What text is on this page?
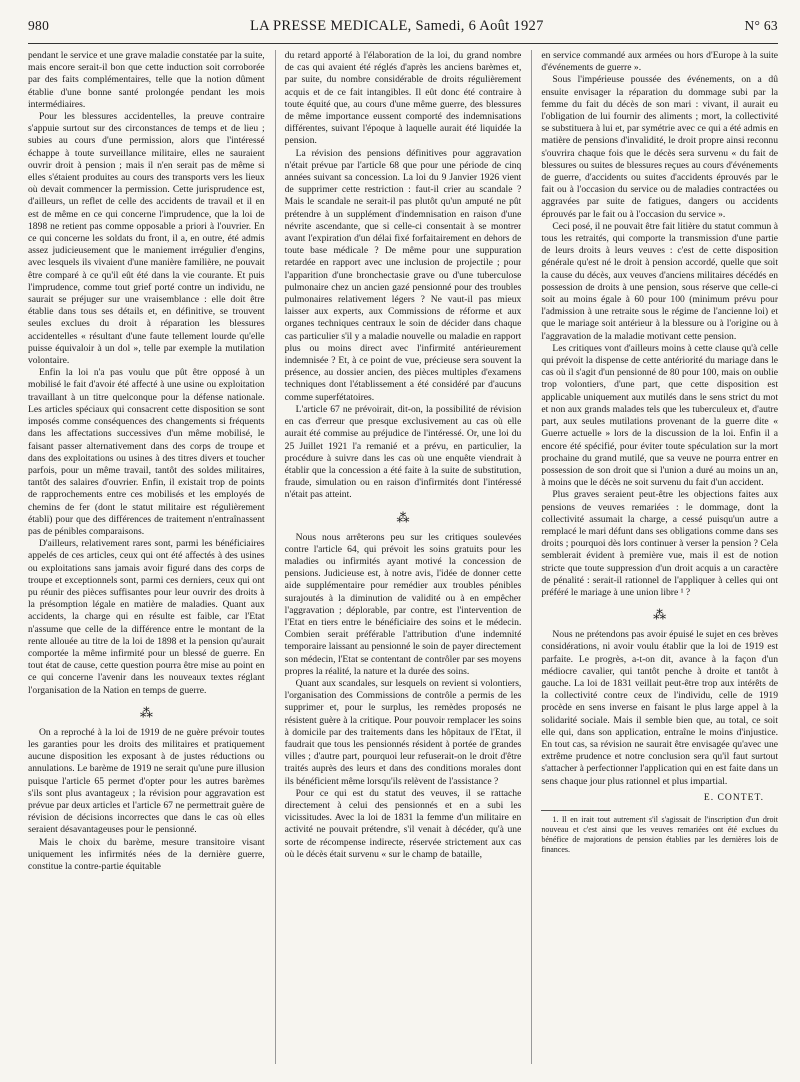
980	LA PRESSE MEDICALE, Samedi, 6 Août 1927	N° 63

pendant le service et une grave maladie constatée par la suite, mais encore serait-il bon que cette induction soit corroborée par des faits complémentaires, telle que la notion dûment établie d'une bonne santé prolongée pendant les mois intermédiaires.

Pour les blessures accidentelles, la preuve contraire s'appuie surtout sur des circonstances de temps et de lieu ; subies au cours d'une permission, alors que l'intéressé échappe à toute surveillance militaire, elles ne sauraient ouvrir droit à pension ; mais il n'en serait pas de même si elles s'étaient produites au cours des transports vers les lieux où devait commencer la permission. Cette jurisprudence est, d'ailleurs, un reflet de celle des accidents de travail et il en est de même en ce qui concerne l'imprudence, que la loi de 1898 ne retient pas comme opposable a priori à l'ouvrier. En ce qui concerne les soldats du front, il a, en outre, été admis assez judicieusement que le maniement irrégulier d'engins, avec lesquels ils vivaient d'une manière familière, ne pouvait être comparé à ce qu'il eût été dans la vie courante. Et puis l'imprudence, comme tout grief porté contre un individu, ne saurait se préjuger sur une vraisemblance : elle doit être établie dans tous ses détails et, en définitive, se trouvent seules exclues du droit à réparation les blessures accidentelles « résultant d'une faute tellement lourde qu'elle puisse équivaloir à un dol », telle par exemple la mutilation volontaire.

Enfin la loi n'a pas voulu que pût être opposé à un mobilisé le fait d'avoir été affecté à une usine ou exploitation travaillant à un titre quelconque pour la défense nationale. Les articles spéciaux qui consacrent cette disposition se sont imposés comme conséquences des changements si fréquents dans les affectations successives d'un même mobilisé, le faisant passer alternativement dans des corps de troupe et dans des exploitations ou usines à des titres divers et toucher parfois, pour un même travail, tantôt des soldes militaires, tantôt des salaires d'ouvrier. Enfin, il existait trop de points de rapprochements entre ces mobilisés et les employés de chemins de fer (dont le statut militaire est régulièrement établi) pour que des différences de traitement n'entraînassent pas de pénibles comparaisons.

D'ailleurs, relativement rares sont, parmi les bénéficiaires appelés de ces articles, ceux qui ont été affectés à des usines ou exploitations sans jamais avoir figuré dans des corps de troupe et exceptionnels sont, parmi ces derniers, ceux qui ont pu réunir des pièces suffisantes pour leur ouvrir des droits à la présomption légale en matière de maladies. Quant aux accidents, la charge qui en résulte est faible, car l'Etat n'assume que celle de la différence entre le montant de la rente allouée au titre de la loi de 1898 et la pension qu'aurait comportée la même infirmité pour un blessé de guerre. En tout état de cause, cette question pourra être mise au point en ce qui concerne l'avenir dans les nouveaux textes réglant l'organisation de la Nation en temps de guerre.

⁂

On a reproché à la loi de 1919 de ne guère prévoir toutes les garanties pour les droits des militaires et pratiquement aucune disposition les exposant à de justes réductions ou annulations. Le barème de 1919 ne serait qu'une pure illusion puisque l'article 65 permet d'opter pour les autres barèmes s'ils sont plus avantageux ; la révision pour aggravation est prévue par deux articles et l'article 67 ne permettrait guère de révision de décisions incorrectes que dans le cas où elles seraient désavantageuses pour le pensionné.

Mais le choix du barème, mesure transitoire visant uniquement les infirmités nées de la dernière guerre, constitue la contre-partie équitable

du retard apporté à l'élaboration de la loi, du grand nombre de cas qui avaient été réglés d'après les anciens barèmes et, par suite, du nombre considérable de droits régulièrement acquis et de ce fait intangibles. Il eût donc été contraire à toute équité que, au cours d'une même guerre, des blessures de même importance eussent comporté des indemnisations différentes, suivant l'époque à laquelle aurait été liquidée la pension.

La révision des pensions définitives pour aggravation n'était prévue par l'article 68 que pour une période de cinq années suivant sa concession. La loi du 9 Janvier 1926 vient de supprimer cette restriction : faut-il crier au scandale ? Mais le scandale ne serait-il pas plutôt qu'un amputé ne pût prétendre à un supplément d'indemnisation en raison d'une névrite ascendante, que si celle-ci consentait à se montrer avant l'expiration d'un délai fixé forfaitairement en dehors de toute base médicale ? De même pour une suppuration retardée en rapport avec une inclusion de projectile ; pour l'apparition d'une bronchectasie grave ou d'une tuberculose pulmonaire chez un ancien gazé pensionné pour des troubles pulmonaires relativement légers ? Ne vaut-il pas mieux laisser aux experts, aux Commissions de réforme et aux organes techniques centraux le soin de décider dans chaque cas particulier s'il y a maladie nouvelle ou maladie en rapport plus ou moins direct avec l'infirmité antérieurement indemnisée ? Et, à ce point de vue, précieuse sera souvent la présence, au dossier ancien, des pièces multiples d'examens techniques dont l'établissement a été considéré par d'aucuns comme superfétatoires.

L'article 67 ne prévoirait, dit-on, la possibilité de révision en cas d'erreur que presque exclusivement au cas où elle aurait été commise au préjudice de l'intéressé. Or, une loi du 25 Juillet 1921 l'a remanié et a prévu, en particulier, la procédure à suivre dans les cas où une enquête viendrait à établir que la concession a été faite à la suite de substitution, fraude, simulation ou en raison d'infirmités dont l'intéressé n'était pas atteint.

⁂

Nous nous arrêterons peu sur les critiques soulevées contre l'article 64, qui prévoit les soins gratuits pour les maladies ou infirmités ayant motivé la concession de pensions. Judicieuse est, à notre avis, l'idée de donner cette aide supplémentaire pour remédier aux troubles pénibles surajoutés à la diminution de validité ou à en empêcher l'aggravation ; déplorable, par contre, est l'intervention de l'Etat en tiers entre le bénéficiaire des soins et le médecin. Combien serait préférable l'attribution d'une indemnité temporaire laissant au pensionné le soin de payer directement son médecin, l'Etat se contentant de contrôler par ses moyens propres la réalité, la nature et la durée des soins.

Quant aux scandales, sur lesquels on revient si volontiers, l'organisation des Commissions de contrôle a permis de les supprimer et, pour le surplus, les remèdes proposés ne résistent guère à la critique. Pour pouvoir remplacer les soins à domicile par des traitements dans les hôpitaux de l'Etat, il faudrait que tous les pensionnés résident à portée de grandes villes ; d'autre part, pourquoi leur refuserait-on le droit d'être traités auprès des leurs et dans des conditions morales dont ils bénéficient même lorsqu'ils relèvent de l'assistance ?

Pour ce qui est du statut des veuves, il se rattache directement à celui des pensionnés et en a subi les vicissitudes. Avec la loi de 1831 la femme d'un militaire en activité ne pouvait prétendre, s'il venait à décéder, qu'à une sorte de récompense indirecte, réservée strictement aux cas où le décès était survenu « sur le champ de bataille,

en service commandé aux armées ou hors d'Europe à la suite d'événements de guerre ».

Sous l'impérieuse poussée des événements, on a dû ensuite envisager la réparation du dommage subi par la femme du fait du décès de son mari : vivant, il aurait eu l'obligation de lui fournir des aliments ; mort, la collectivité se substituera à lui et, par symétrie avec ce qui a été admis en matière de pensions d'invalidité, le droit propre ainsi reconnu s'ouvrira chaque fois que le décès sera survenu « du fait de blessures ou suites de blessures reçues au cours d'événements de guerre, d'accidents ou suites d'accidents éprouvés par le fait ou à l'occasion du service ou de maladies contractées ou aggravées par suite de fatigues, dangers ou accidents éprouvés par le fait ou à l'occasion du service ».

Ceci posé, il ne pouvait être fait litière du statut commun à tous les retraités, qui comporte la transmission d'une partie de leurs droits à leurs veuves : c'est de cette disposition générale qu'est né le droit à pension accordé, quelle que soit la cause du décès, aux veuves d'anciens militaires décédés en possession de droits à une pension, sous réserve que celle-ci soit au moins égale à 60 pour 100 (minimum prévu pour l'admission à une retraite sous le régime de l'ancienne loi) et que le mariage soit antérieur à la blessure ou à l'origine ou à l'aggravation de la maladie motivant cette pension.

Les critiques vont d'ailleurs moins à cette clause qu'à celle qui prévoit la dispense de cette antériorité du mariage dans le cas où il s'agit d'un pensionné de 80 pour 100, mais on oublie trop volontiers, d'une part, que cette disposition est applicable uniquement aux mutilés dans le sens strict du mot et non aux grands malades tels que les tuberculeux et, d'autre part, aux seules mutilations provenant de la guerre dite « Guerre actuelle » lors de la discussion de la loi. Enfin il a encore été spécifié, pour éviter toute spéculation sur la mort prochaine du grand mutilé, que sa veuve ne pourra entrer en possession de son droit que si l'union a duré au moins un an, à moins que le décès ne soit survenu du fait d'un accident.

Plus graves seraient peut-être les objections faites aux pensions de veuves remariées : le dommage, dont la collectivité assumait la charge, a cessé puisqu'un autre a remplacé le mari défunt dans ses obligations comme dans ses droits ; pourquoi dès lors continuer à verser la pension ? Cela semblerait évident à première vue, mais il est de notion stricte que toute suppression d'un droit acquis a un caractère de pénalité : serait-il rationnel de l'appliquer à celles qui ont préféré le mariage à une union libre ¹ ?

⁂

Nous ne prétendons pas avoir épuisé le sujet en ces brèves considérations, ni avoir voulu établir que la loi de 1919 est parfaite. Le progrès, a-t-on dit, avance à la façon d'un médiocre cavalier, qui tantôt penche à droite et tantôt à gauche. La loi de 1831 veillait peut-être trop aux intérêts de la collectivité contre ceux de l'individu, celle de 1919 procède en sens inverse en faisant le plus large appel à la solidarité sociale. Mais il semble bien que, au total, ce soit elle qui, dans son application, entraîne le moins d'injustice. En tout cas, sa révision ne saurait être envisagée qu'avec une extrême prudence et notre conclusion sera qu'il faut surtout s'attacher à perfectionner l'application qui en est faite dans un sens chaque jour plus rationnel et plus impartial.

E. CONTET.

1. Il en irait tout autrement s'il s'agissait de l'inscription d'un droit nouveau et c'est ainsi que les veuves remariées ont été exclues du bénéfice de majorations de pension établies par les dernières lois de finances.
